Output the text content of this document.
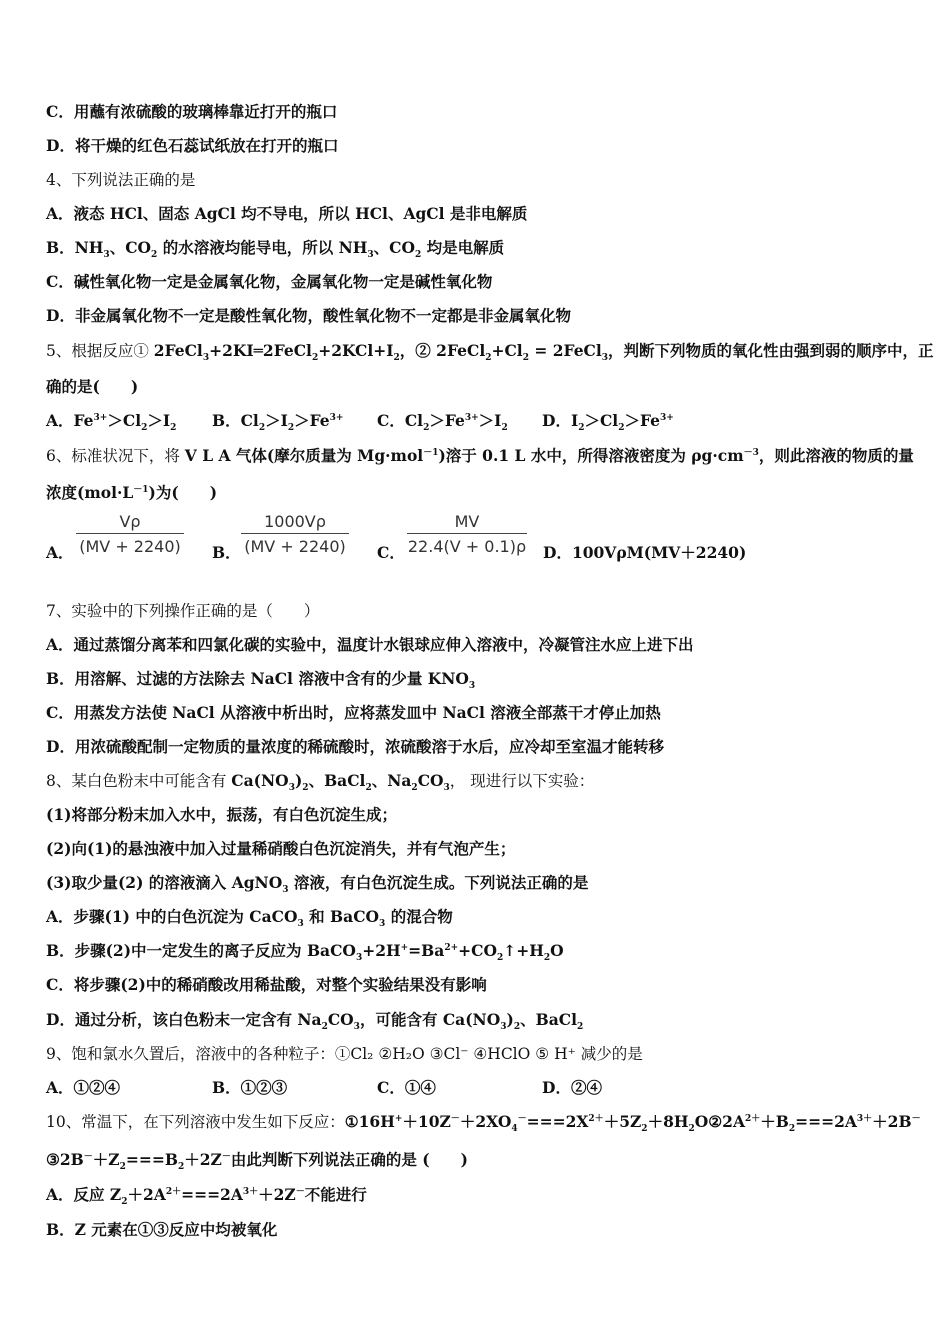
C．用蘸有浓硫酸的玻璃棒靠近打开的瓶口
D．将干燥的红色石蕊试纸放在打开的瓶口
4、下列说法正确的是
A．液态 HCl、固态 AgCl 均不导电，所以 HCl、AgCl 是非电解质
B．$NH_3$、$CO_2$ 的水溶液均能导电，所以 $NH_3$、$CO_2$ 均是电解质
C．碱性氧化物一定是金属氧化物，金属氧化物一定是碱性氧化物
D．非金属氧化物不一定是酸性氧化物，酸性氧化物不一定都是非金属氧化物
5、根据反应① $2FeCl_3+2KI═2FeCl_2+2KCl+I_2$，② $2FeCl_2+Cl_2$ = 2FeCl$_3$，判断下列物质的氧化性由强到弱的顺序中，正
确的是(　　)
A．$Fe^{3+}>Cl_2>I_2$ B．$Cl_2>I_2>Fe^{3+}$ C．$Cl_2>Fe^{3+}>I_2$ D．$I_2>Cl_2>Fe^{3+}$
6、标准状况下，将 V L A 气体(摩尔质量为 Mg·mol$^{-1}$)溶于 0.1 L 水中，所得溶液密度为 $\rho g\cdot cm^{-3}$，则此溶液的物质的量
浓度$(mol\cdot L^{-1})$为(　　)
A．
Vρ
(MV + 2240) B．
1000Vρ
(MV + 2240) C．
MV
22.4(V + 0.1)ρ D．100VρM(MV＋2240)
7、实验中的下列操作正确的是（　　）
A．通过蒸馏分离苯和四氯化碳的实验中，温度计水银球应伸入溶液中，冷凝管注水应上进下出
B．用溶解、过滤的方法除去 NaCl 溶液中含有的少量 $KNO_3$
C．用蒸发方法使 NaCl 从溶液中析出时，应将蒸发皿中 NaCl 溶液全部蒸干才停止加热
D．用浓硫酸配制一定物质的量浓度的稀硫酸时，浓硫酸溶于水后，应冷却至室温才能转移
8、某白色粉末中可能含有 $Ca(NO_3)_2$、BaCl$_2$、$Na_2CO_3$， 现进行以下实验：
(1)将部分粉末加入水中，振荡，有白色沉淀生成；
(2)向(1)的悬浊液中加入过量稀硝酸白色沉淀消失，并有气泡产生；
(3)取少量(2) 的溶液滴入 AgNO$_3$ 溶液，有白色沉淀生成。下列说法正确的是
A．步骤(1) 中的白色沉淀为 CaCO$_3$ 和 BaCO$_3$ 的混合物
B．步骤(2)中一定发生的离子反应为 $BaCO_3+2H^+=Ba^{2+}+CO_2↑+H_2O$
C．将步骤(2)中的稀硝酸改用稀盐酸，对整个实验结果没有影响
D．通过分析，该白色粉末一定含有 $Na_2CO_3$，可能含有 $Ca(NO_3)_2$、BaCl$_2$
9、饱和氯水久置后，溶液中的各种粒子：①Cl₂ ②H₂O ③Cl⁻ ④HClO ⑤ H⁺ 减少的是
A．①②④	B．①②③	C．①④	D．②④
10、常温下，在下列溶液中发生如下反应：$①16H^++10Z^-+2XO_4^-===2X^{2+}+5Z_2+8H_2O②2A^{2+}+B_2===2A^{3+}+2B^-$
$③2B^-+Z_2===B_2+2Z^-$由此判断下列说法正确的是 (　　)
A．反应 $Z_2+2A^{2+}===2A^{3+}+2Z^-$不能进行
B．Z 元素在①③反应中均被氧化
